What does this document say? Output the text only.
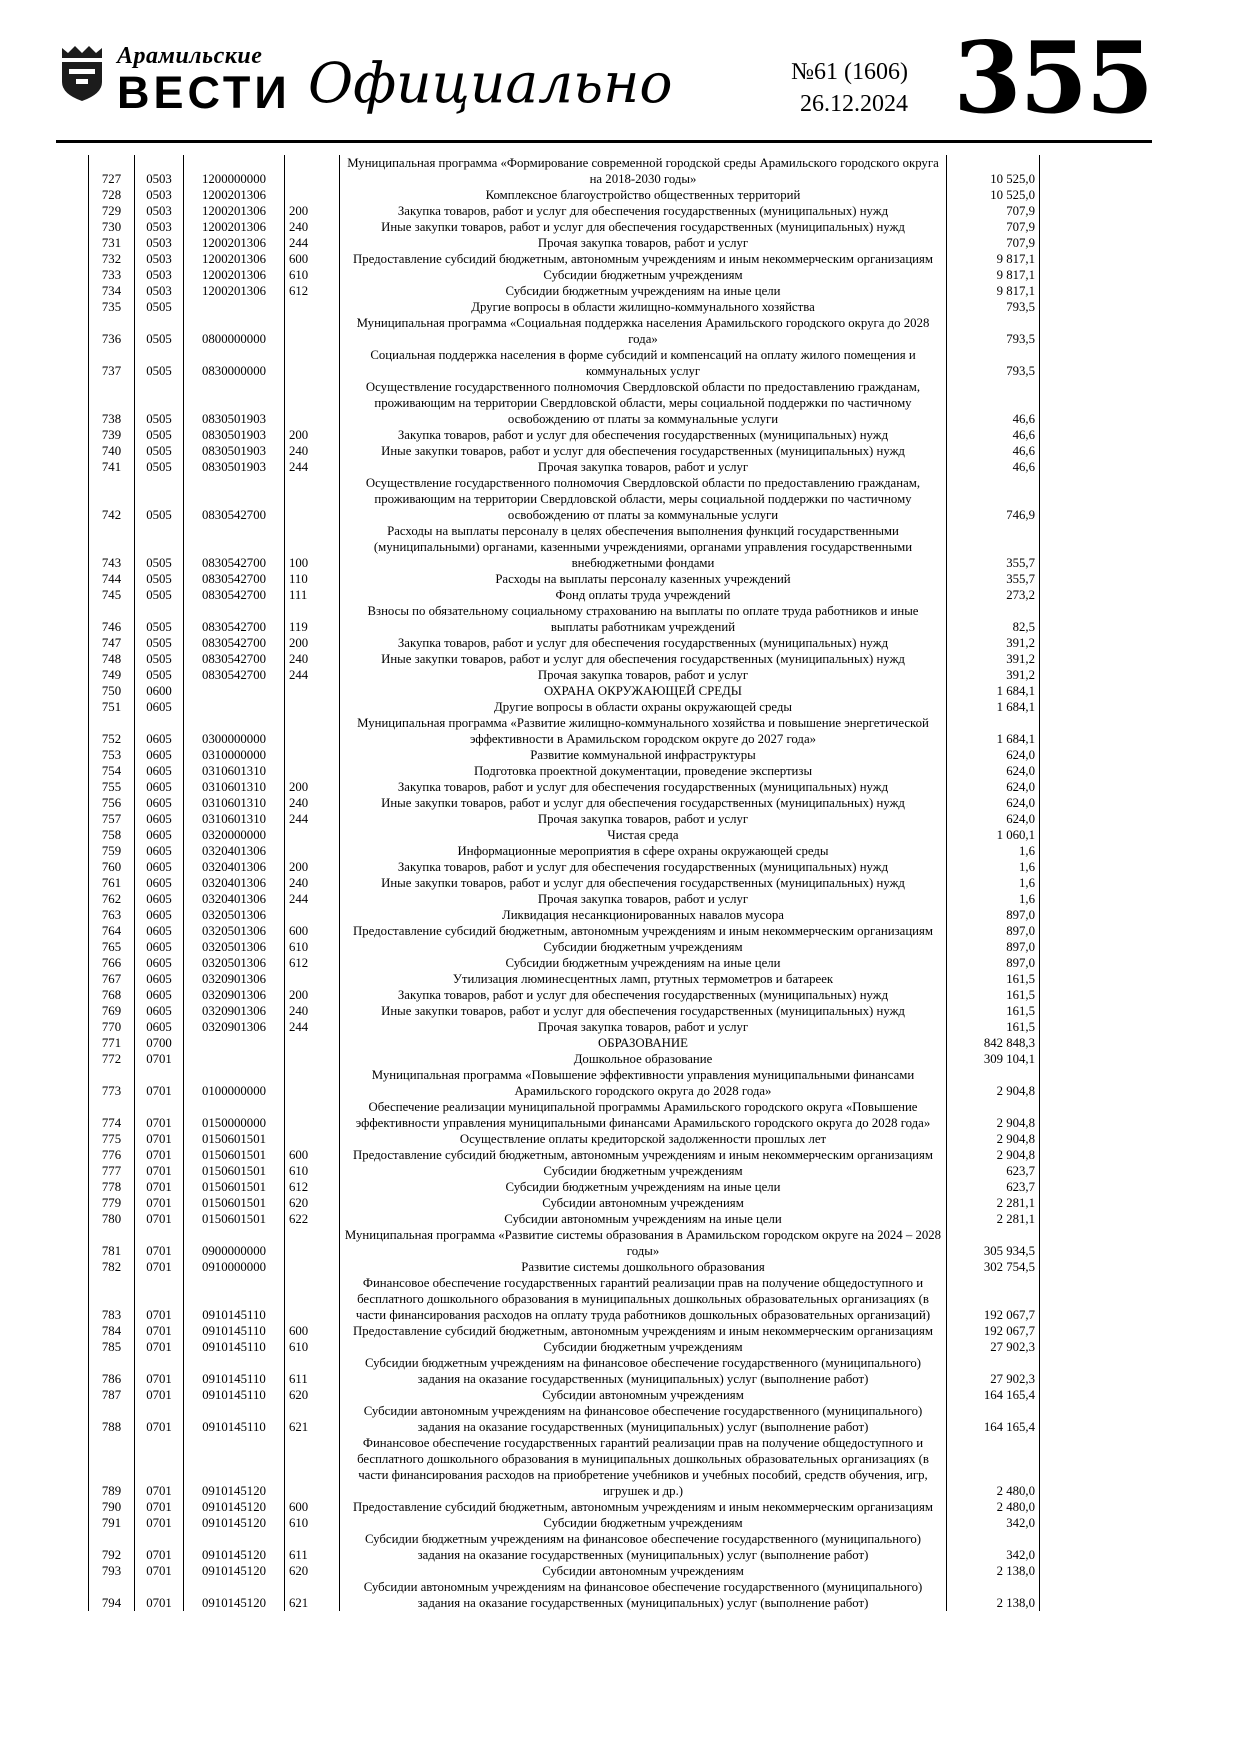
Арамильские
ВЕСТИ Официально	№61 (1606)
26.12.2024 355
727	0503	1200000000		Муниципальная программа «Формирование современной городской среды Арамильского городского округа на 2018-2030 годы»	10 525,0
728	0503	1200201306		Комплексное благоустройство общественных территорий	10 525,0
729	0503	1200201306	200	Закупка товаров, работ и услуг для обеспечения государственных (муниципальных) нужд	707,9
730	0503	1200201306	240	Иные закупки товаров, работ и услуг для обеспечения государственных (муниципальных) нужд	707,9
731	0503	1200201306	244	Прочая закупка товаров, работ и услуг	707,9
732	0503	1200201306	600	Предоставление субсидий бюджетным, автономным учреждениям и иным некоммерческим организациям	9 817,1
733	0503	1200201306	610	Субсидии бюджетным учреждениям	9 817,1
734	0503	1200201306	612	Субсидии бюджетным учреждениям на иные цели	9 817,1
735	0505			Другие вопросы в области жилищно-коммунального хозяйства	793,5
736	0505	0800000000		Муниципальная программа «Социальная поддержка населения Арамильского городского округа до 2028 года»	793,5
737	0505	0830000000		Социальная поддержка населения в форме субсидий и компенсаций на оплату жилого помещения и коммунальных услуг	793,5
738	0505	0830501903		Осуществление государственного полномочия Свердловской области по предоставлению гражданам, проживающим на территории Свердловской области, меры социальной поддержки по частичному освобождению от платы за коммунальные услуги	46,6
739	0505	0830501903	200	Закупка товаров, работ и услуг для обеспечения государственных (муниципальных) нужд	46,6
740	0505	0830501903	240	Иные закупки товаров, работ и услуг для обеспечения государственных (муниципальных) нужд	46,6
741	0505	0830501903	244	Прочая закупка товаров, работ и услуг	46,6
742	0505	0830542700		Осуществление государственного полномочия Свердловской области по предоставлению гражданам, проживающим на территории Свердловской области, меры социальной поддержки по частичному освобождению от платы за коммунальные услуги	746,9
743	0505	0830542700	100	Расходы на выплаты персоналу в целях обеспечения выполнения функций государственными (муниципальными) органами, казенными учреждениями, органами управления государственными внебюджетными фондами	355,7
744	0505	0830542700	110	Расходы на выплаты персоналу казенных учреждений	355,7
745	0505	0830542700	111	Фонд оплаты труда учреждений	273,2
746	0505	0830542700	119	Взносы по обязательному социальному страхованию на выплаты по оплате труда работников и иные выплаты работникам учреждений	82,5
747	0505	0830542700	200	Закупка товаров, работ и услуг для обеспечения государственных (муниципальных) нужд	391,2
748	0505	0830542700	240	Иные закупки товаров, работ и услуг для обеспечения государственных (муниципальных) нужд	391,2
749	0505	0830542700	244	Прочая закупка товаров, работ и услуг	391,2
750	0600			ОХРАНА ОКРУЖАЮЩЕЙ СРЕДЫ	1 684,1
751	0605			Другие вопросы в области охраны окружающей среды	1 684,1
752	0605	0300000000		Муниципальная программа «Развитие жилищно-коммунального хозяйства и повышение энергетической эффективности в Арамильском городском округе до 2027 года»	1 684,1
753	0605	0310000000		Развитие коммунальной инфраструктуры	624,0
754	0605	0310601310		Подготовка проектной документации, проведение экспертизы	624,0
755	0605	0310601310	200	Закупка товаров, работ и услуг для обеспечения государственных (муниципальных) нужд	624,0
756	0605	0310601310	240	Иные закупки товаров, работ и услуг для обеспечения государственных (муниципальных) нужд	624,0
757	0605	0310601310	244	Прочая закупка товаров, работ и услуг	624,0
758	0605	0320000000		Чистая среда	1 060,1
759	0605	0320401306		Информационные мероприятия в сфере охраны окружающей среды	1,6
760	0605	0320401306	200	Закупка товаров, работ и услуг для обеспечения государственных (муниципальных) нужд	1,6
761	0605	0320401306	240	Иные закупки товаров, работ и услуг для обеспечения государственных (муниципальных) нужд	1,6
762	0605	0320401306	244	Прочая закупка товаров, работ и услуг	1,6
763	0605	0320501306		Ликвидация несанкционированных навалов мусора	897,0
764	0605	0320501306	600	Предоставление субсидий бюджетным, автономным учреждениям и иным некоммерческим организациям	897,0
765	0605	0320501306	610	Субсидии бюджетным учреждениям	897,0
766	0605	0320501306	612	Субсидии бюджетным учреждениям на иные цели	897,0
767	0605	0320901306		Утилизация люминесцентных ламп, ртутных термометров и батареек	161,5
768	0605	0320901306	200	Закупка товаров, работ и услуг для обеспечения государственных (муниципальных) нужд	161,5
769	0605	0320901306	240	Иные закупки товаров, работ и услуг для обеспечения государственных (муниципальных) нужд	161,5
770	0605	0320901306	244	Прочая закупка товаров, работ и услуг	161,5
771	0700			ОБРАЗОВАНИЕ	842 848,3
772	0701			Дошкольное образование	309 104,1
773	0701	0100000000		Муниципальная программа «Повышение эффективности управления муниципальными финансами Арамильского городского округа до 2028 года»	2 904,8
774	0701	0150000000		Обеспечение реализации муниципальной программы Арамильского городского округа «Повышение эффективности управления муниципальными финансами Арамильского городского округа до 2028 года»	2 904,8
775	0701	0150601501		Осуществление оплаты кредиторской задолженности прошлых лет	2 904,8
776	0701	0150601501	600	Предоставление субсидий бюджетным, автономным учреждениям и иным некоммерческим организациям	2 904,8
777	0701	0150601501	610	Субсидии бюджетным учреждениям	623,7
778	0701	0150601501	612	Субсидии бюджетным учреждениям на иные цели	623,7
779	0701	0150601501	620	Субсидии автономным учреждениям	2 281,1
780	0701	0150601501	622	Субсидии автономным учреждениям на иные цели	2 281,1
781	0701	0900000000		Муниципальная программа «Развитие системы образования в Арамильском городском округе на 2024 – 2028 годы»	305 934,5
782	0701	0910000000		Развитие системы дошкольного образования	302 754,5
783	0701	0910145110		Финансовое обеспечение государственных гарантий реализации прав на получение общедоступного и бесплатного дошкольного образования в муниципальных дошкольных образовательных организациях (в части финансирования расходов на оплату труда работников дошкольных образовательных организаций)	192 067,7
784	0701	0910145110	600	Предоставление субсидий бюджетным, автономным учреждениям и иным некоммерческим организациям	192 067,7
785	0701	0910145110	610	Субсидии бюджетным учреждениям	27 902,3
786	0701	0910145110	611	Субсидии бюджетным учреждениям на финансовое обеспечение государственного (муниципального) задания на оказание государственных (муниципальных) услуг (выполнение работ)	27 902,3
787	0701	0910145110	620	Субсидии автономным учреждениям	164 165,4
788	0701	0910145110	621	Субсидии автономным учреждениям на финансовое обеспечение государственного (муниципального) задания на оказание государственных (муниципальных) услуг (выполнение работ)	164 165,4
789	0701	0910145120		Финансовое обеспечение государственных гарантий реализации прав на получение общедоступного и бесплатного дошкольного образования в муниципальных дошкольных образовательных организациях (в части финансирования расходов на приобретение учебников и учебных пособий, средств обучения, игр, игрушек и др.)	2 480,0
790	0701	0910145120	600	Предоставление субсидий бюджетным, автономным учреждениям и иным некоммерческим организациям	2 480,0
791	0701	0910145120	610	Субсидии бюджетным учреждениям	342,0
792	0701	0910145120	611	Субсидии бюджетным учреждениям на финансовое обеспечение государственного (муниципального) задания на оказание государственных (муниципальных) услуг (выполнение работ)	342,0
793	0701	0910145120	620	Субсидии автономным учреждениям	2 138,0
794	0701	0910145120	621	Субсидии автономным учреждениям на финансовое обеспечение государственного (муниципального) задания на оказание государственных (муниципальных) услуг (выполнение работ)	2 138,0
